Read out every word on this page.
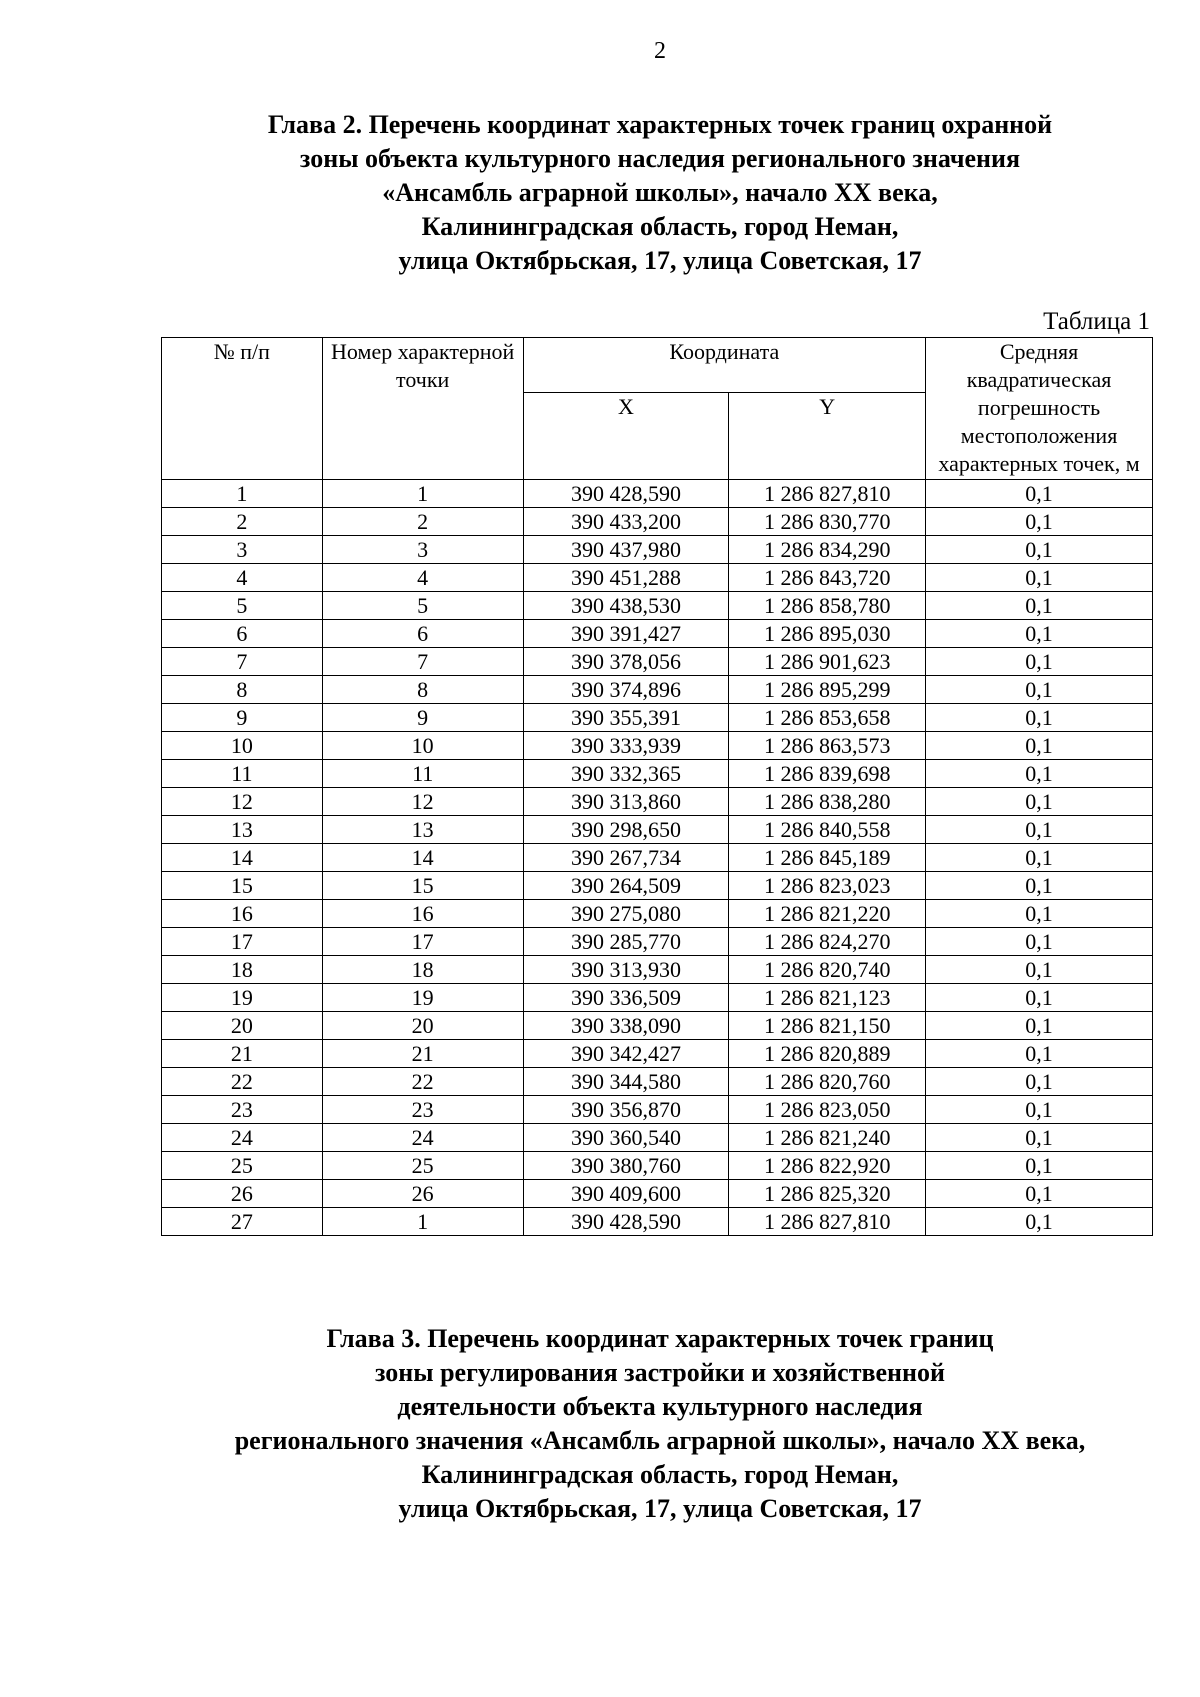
2
Глава 2. Перечень координат характерных точек границ охранной
зоны объекта культурного наследия регионального значения
«Ансамбль аграрной школы», начало XX века,
Калининградская область, город Неман,
улица Октябрьская, 17, улица Советская, 17
Таблица 1
№ п/п	Номер характерной точки	Координата		Средняя квадратическая погрешность местоположения характерных точек, м
		X	Y	
1	1	390 428,590	1 286 827,810	0,1
2	2	390 433,200	1 286 830,770	0,1
3	3	390 437,980	1 286 834,290	0,1
4	4	390 451,288	1 286 843,720	0,1
5	5	390 438,530	1 286 858,780	0,1
6	6	390 391,427	1 286 895,030	0,1
7	7	390 378,056	1 286 901,623	0,1
8	8	390 374,896	1 286 895,299	0,1
9	9	390 355,391	1 286 853,658	0,1
10	10	390 333,939	1 286 863,573	0,1
11	11	390 332,365	1 286 839,698	0,1
12	12	390 313,860	1 286 838,280	0,1
13	13	390 298,650	1 286 840,558	0,1
14	14	390 267,734	1 286 845,189	0,1
15	15	390 264,509	1 286 823,023	0,1
16	16	390 275,080	1 286 821,220	0,1
17	17	390 285,770	1 286 824,270	0,1
18	18	390 313,930	1 286 820,740	0,1
19	19	390 336,509	1 286 821,123	0,1
20	20	390 338,090	1 286 821,150	0,1
21	21	390 342,427	1 286 820,889	0,1
22	22	390 344,580	1 286 820,760	0,1
23	23	390 356,870	1 286 823,050	0,1
24	24	390 360,540	1 286 821,240	0,1
25	25	390 380,760	1 286 822,920	0,1
26	26	390 409,600	1 286 825,320	0,1
27	1	390 428,590	1 286 827,810	0,1
Глава 3. Перечень координат характерных точек границ
зоны регулирования застройки и хозяйственной
деятельности объекта культурного наследия
регионального значения «Ансамбль аграрной школы», начало XX века,
Калининградская область, город Неман,
улица Октябрьская, 17, улица Советская, 17
